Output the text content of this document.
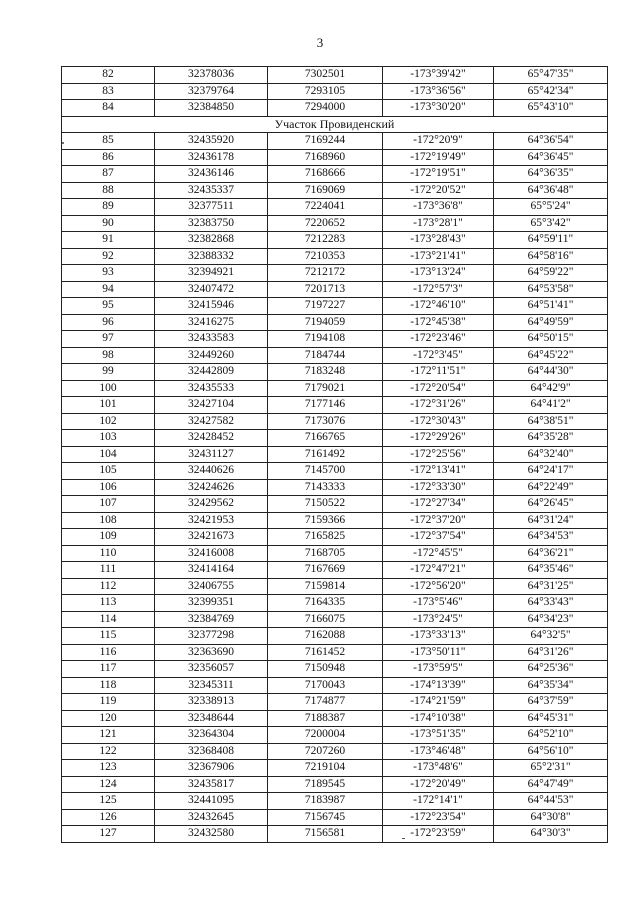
3
82	32378036	7302501	-173°39'42"	65°47'35"
83	32379764	7293105	-173°36'56"	65°42'34"
84	32384850	7294000	-173°30'20"	65°43'10"
Участок Провиденский				
85	32435920	7169244	-172°20'9"	64°36'54"
86	32436178	7168960	-172°19'49"	64°36'45"
87	32436146	7168666	-172°19'51"	64°36'35"
88	32435337	7169069	-172°20'52"	64°36'48"
89	32377511	7224041	-173°36'8"	65°5'24"
90	32383750	7220652	-173°28'1"	65°3'42"
91	32382868	7212283	-173°28'43"	64°59'11"
92	32388332	7210353	-173°21'41"	64°58'16"
93	32394921	7212172	-173°13'24"	64°59'22"
94	32407472	7201713	-172°57'3"	64°53'58"
95	32415946	7197227	-172°46'10"	64°51'41"
96	32416275	7194059	-172°45'38"	64°49'59"
97	32433583	7194108	-172°23'46"	64°50'15"
98	32449260	7184744	-172°3'45"	64°45'22"
99	32442809	7183248	-172°11'51"	64°44'30"
100	32435533	7179021	-172°20'54"	64°42'9"
101	32427104	7177146	-172°31'26"	64°41'2"
102	32427582	7173076	-172°30'43"	64°38'51"
103	32428452	7166765	-172°29'26"	64°35'28"
104	32431127	7161492	-172°25'56"	64°32'40"
105	32440626	7145700	-172°13'41"	64°24'17"
106	32424626	7143333	-172°33'30"	64°22'49"
107	32429562	7150522	-172°27'34"	64°26'45"
108	32421953	7159366	-172°37'20"	64°31'24"
109	32421673	7165825	-172°37'54"	64°34'53"
110	32416008	7168705	-172°45'5"	64°36'21"
111	32414164	7167669	-172°47'21"	64°35'46"
112	32406755	7159814	-172°56'20"	64°31'25"
113	32399351	7164335	-173°5'46"	64°33'43"
114	32384769	7166075	-173°24'5"	64°34'23"
115	32377298	7162088	-173°33'13"	64°32'5"
116	32363690	7161452	-173°50'11"	64°31'26"
117	32356057	7150948	-173°59'5"	64°25'36"
118	32345311	7170043	-174°13'39"	64°35'34"
119	32338913	7174877	-174°21'59"	64°37'59"
120	32348644	7188387	-174°10'38"	64°45'31"
121	32364304	7200004	-173°51'35"	64°52'10"
122	32368408	7207260	-173°46'48"	64°56'10"
123	32367906	7219104	-173°48'6"	65°2'31"
124	32435817	7189545	-172°20'49"	64°47'49"
125	32441095	7183987	-172°14'1"	64°44'53"
126	32432645	7156745	-172°23'54"	64°30'8"
127	32432580	7156581	-172°23'59"	64°30'3"
